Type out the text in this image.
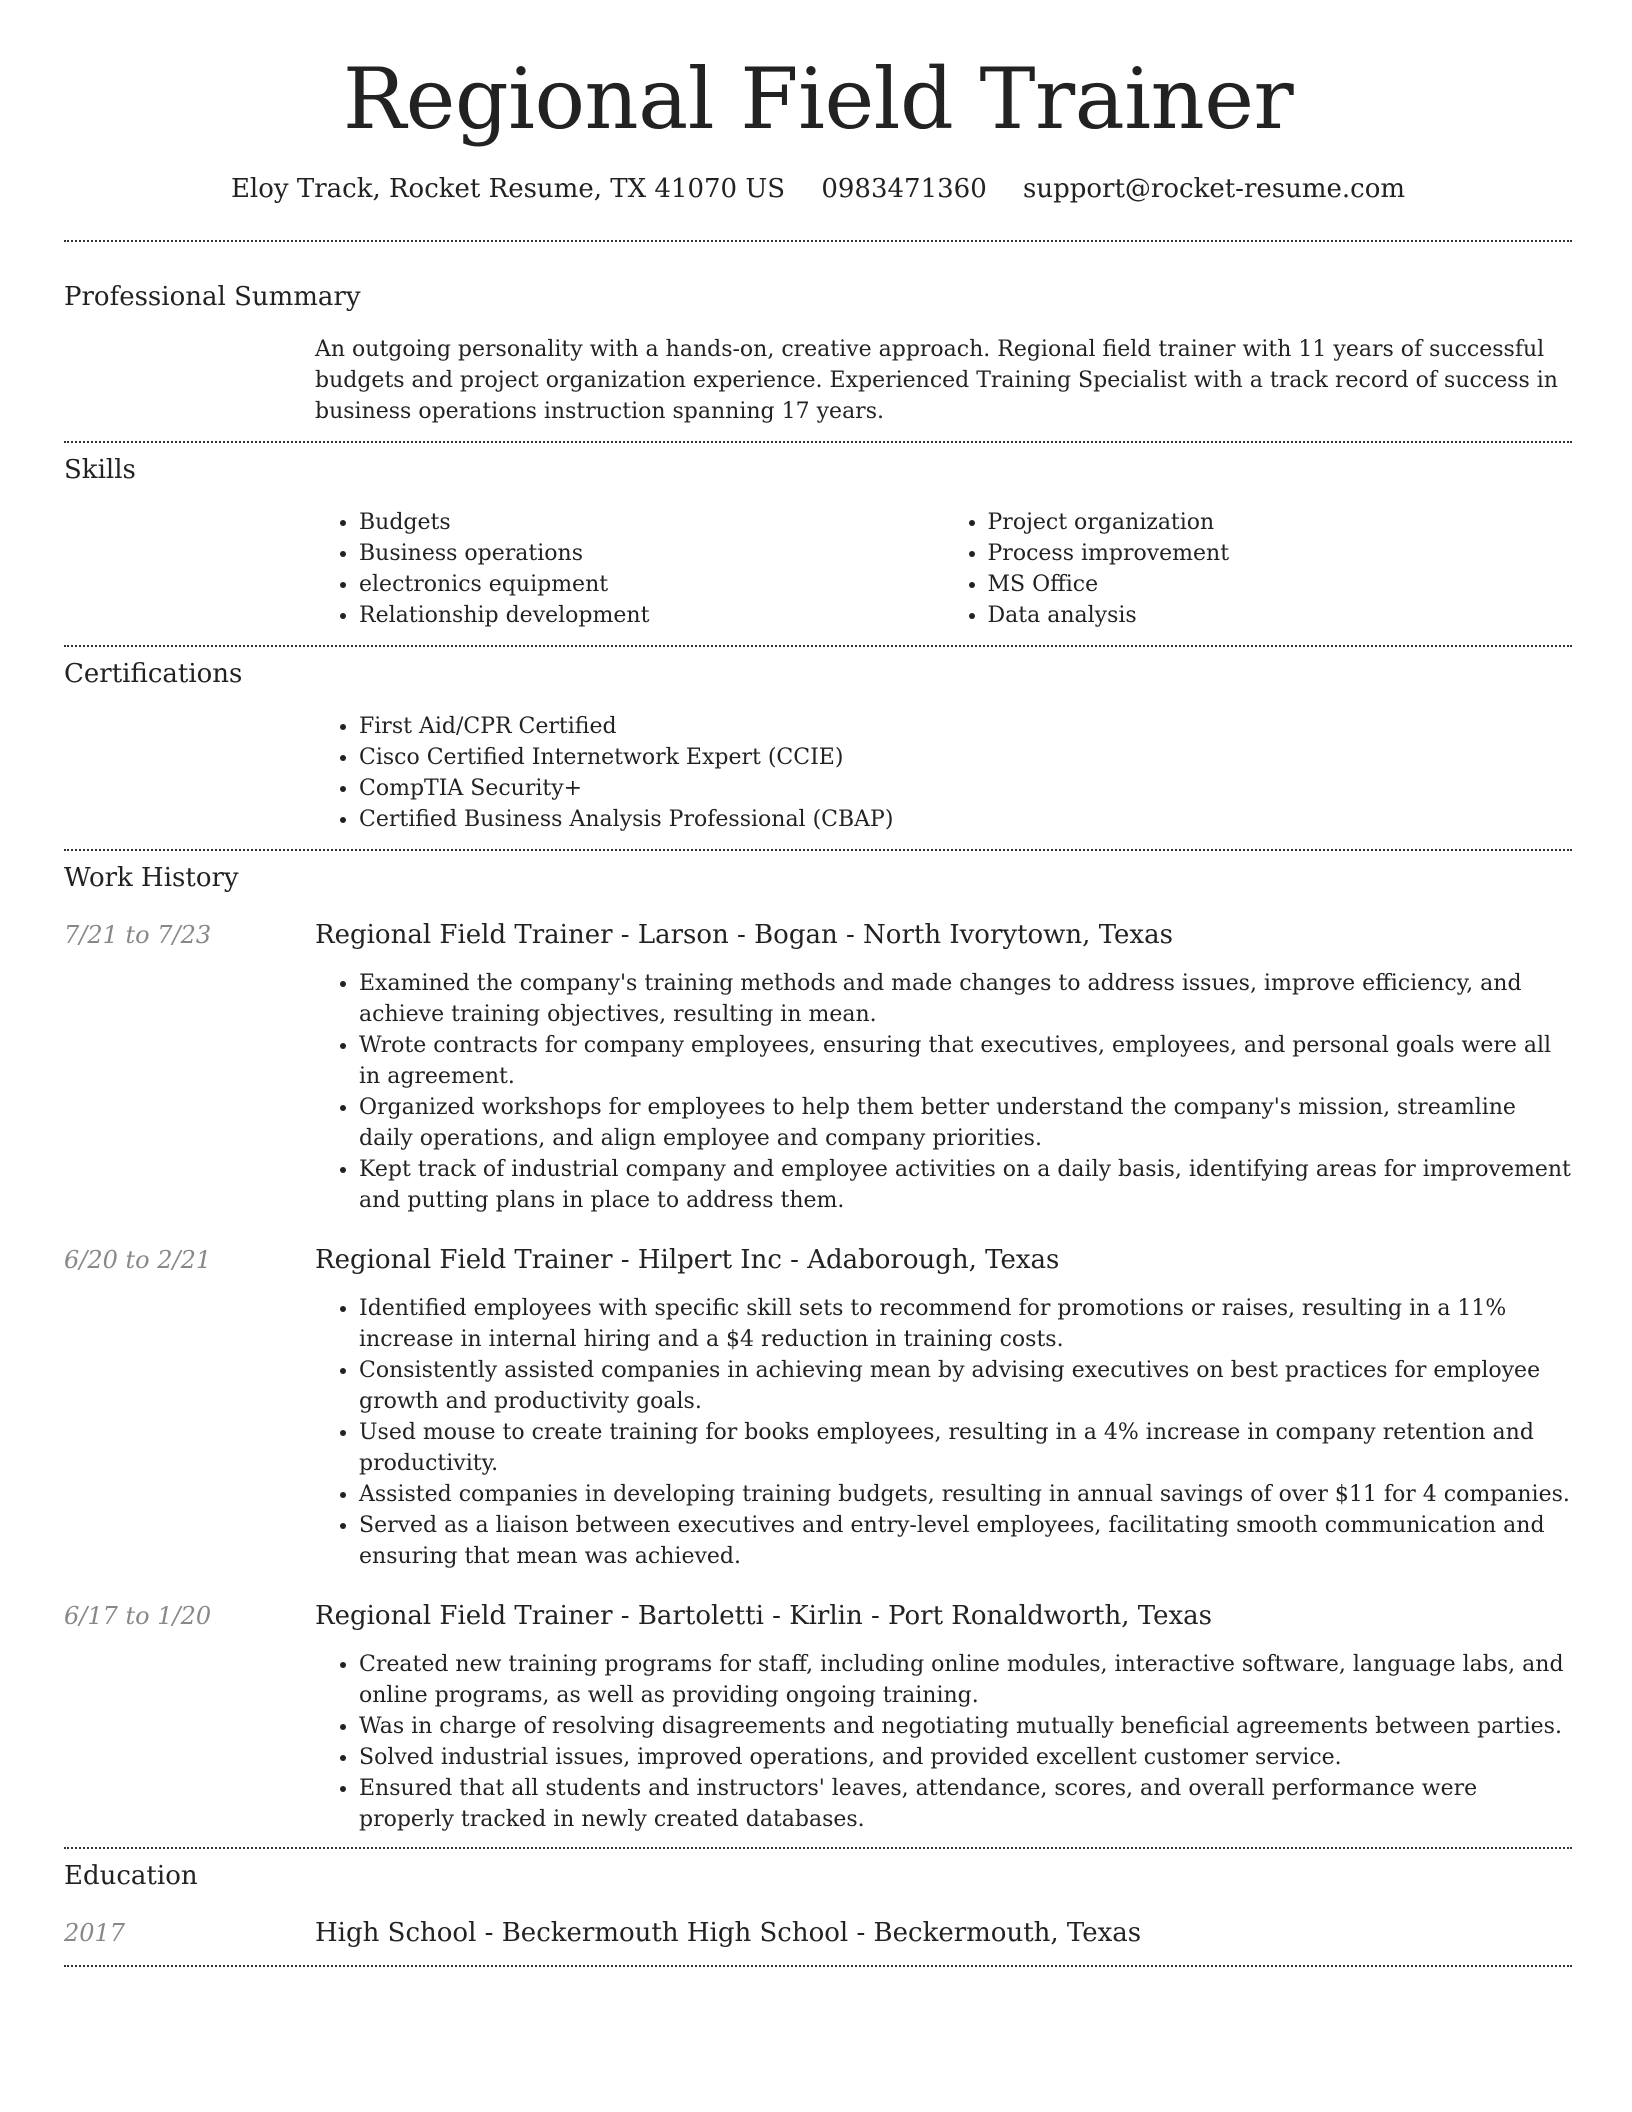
Regional Field Trainer
Eloy Track, Rocket Resume, TX 41070 US 0983471360 support@rocket-resume.com
Professional Summary
An outgoing personality with a hands-on, creative approach. Regional field trainer with 11 years of successful budgets and project organization experience. Experienced Training Specialist with a track record of success in business operations instruction spanning 17 years.
Skills
• Budgets
• Business operations
• electronics equipment
• Relationship development
• Project organization
• Process improvement
• MS Office
• Data analysis
Certifications
• First Aid/CPR Certified
• Cisco Certified Internetwork Expert (CCIE)
• CompTIA Security+
• Certified Business Analysis Professional (CBAP)
Work History
7/21 to 7/23	Regional Field Trainer - Larson - Bogan - North Ivorytown, Texas
• Examined the company's training methods and made changes to address issues, improve efficiency, and achieve training objectives, resulting in mean.
• Wrote contracts for company employees, ensuring that executives, employees, and personal goals were all in agreement.
• Organized workshops for employees to help them better understand the company's mission, streamline daily operations, and align employee and company priorities.
• Kept track of industrial company and employee activities on a daily basis, identifying areas for improvement and putting plans in place to address them.
6/20 to 2/21	Regional Field Trainer - Hilpert Inc - Adaborough, Texas
• Identified employees with specific skill sets to recommend for promotions or raises, resulting in a 11% increase in internal hiring and a $4 reduction in training costs.
• Consistently assisted companies in achieving mean by advising executives on best practices for employee growth and productivity goals.
• Used mouse to create training for books employees, resulting in a 4% increase in company retention and productivity.
• Assisted companies in developing training budgets, resulting in annual savings of over $11 for 4 companies.
• Served as a liaison between executives and entry-level employees, facilitating smooth communication and ensuring that mean was achieved.
6/17 to 1/20	Regional Field Trainer - Bartoletti - Kirlin - Port Ronaldworth, Texas
• Created new training programs for staff, including online modules, interactive software, language labs, and online programs, as well as providing ongoing training.
• Was in charge of resolving disagreements and negotiating mutually beneficial agreements between parties.
• Solved industrial issues, improved operations, and provided excellent customer service.
• Ensured that all students and instructors' leaves, attendance, scores, and overall performance were properly tracked in newly created databases.
Education
2017	High School - Beckermouth High School - Beckermouth, Texas
